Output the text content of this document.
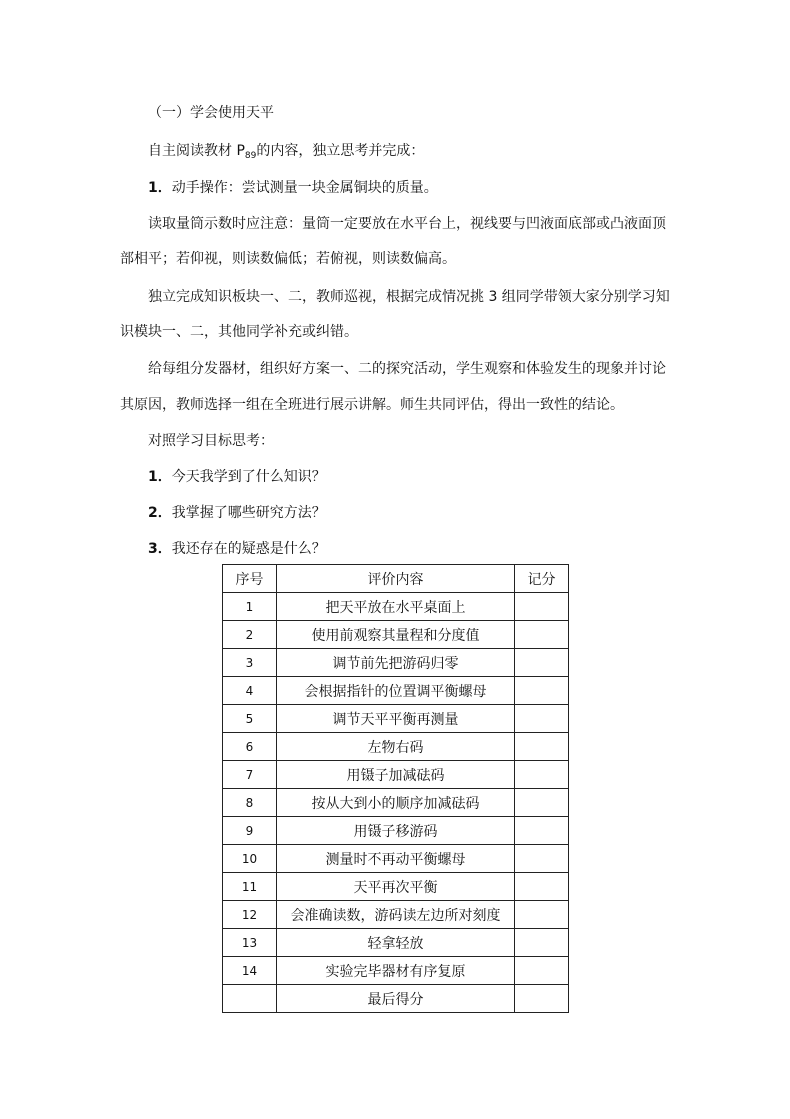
（一）学会使用天平
自主阅读教材 $P_{89}$的内容，独立思考并完成：
1．动手操作：尝试测量一块金属铜块的质量。
读取量筒示数时应注意：量筒一定要放在水平台上，视线要与凹液面底部或凸液面顶
部相平；若仰视，则读数偏低；若俯视，则读数偏高。
独立完成知识板块一、二，教师巡视，根据完成情况挑 3 组同学带领大家分别学习知
识模块一、二，其他同学补充或纠错。
给每组分发器材，组织好方案一、二的探究活动，学生观察和体验发生的现象并讨论
其原因，教师选择一组在全班进行展示讲解。师生共同评估，得出一致性的结论。
对照学习目标思考：
1．今天我学到了什么知识？
2．我掌握了哪些研究方法？
3．我还存在的疑惑是什么？
序号	评价内容	记分
1	把天平放在水平桌面上	
2	使用前观察其量程和分度值	
3	调节前先把游码归零	
4	会根据指针的位置调平衡螺母	
5	调节天平平衡再测量	
6	左物右码	
7	用镊子加减砝码	
8	按从大到小的顺序加减砝码	
9	用镊子移游码	
10	测量时不再动平衡螺母	
11	天平再次平衡	
12	会准确读数，游码读左边所对刻度	
13	轻拿轻放	
14	实验完毕器材有序复原	
	最后得分	
